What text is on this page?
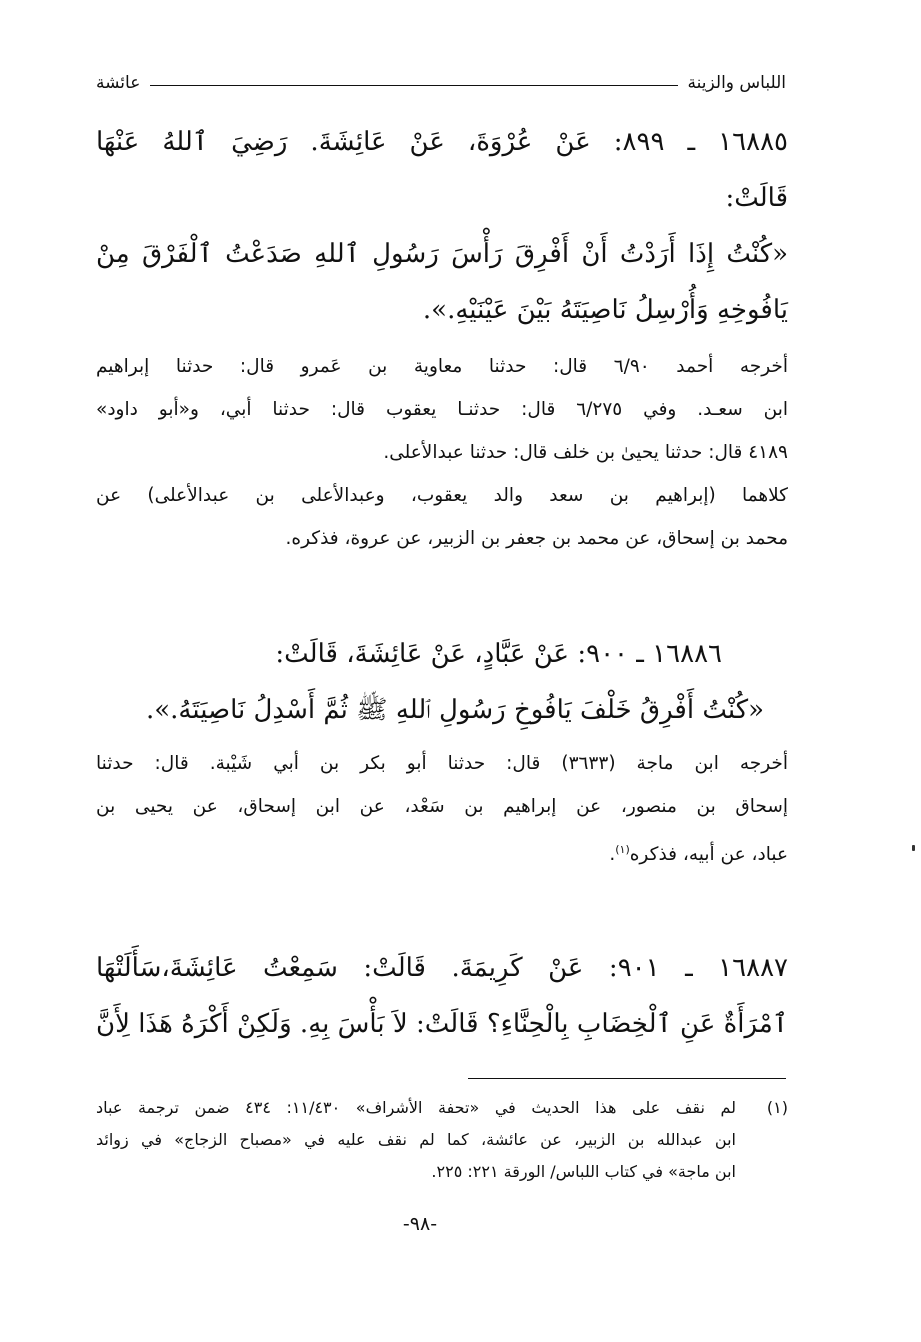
اللباس والزينة
عائشة

١٦٨٨٥ ـ ٨٩٩: عَنْ عُرْوَةَ، عَنْ عَائِشَةَ. رَضِيَ ٱللهُ عَنْهَا

قَالَتْ:

«كُنْتُ إِذَا أَرَدْتُ أَنْ أَفْرِقَ رَأْسَ رَسُولِ ٱللهِ صَدَعْتُ ٱلْفَرْقَ مِنْ

يَافُوخِهِ وَأُرْسِلُ نَاصِيَتَهُ بَيْنَ عَيْنَيْهِ.».

أخرجه أحمد ٦/٩٠ قال: حدثنا معاوية بن عَمرو قال: حدثنا إبراهيم

ابن سعـد. وفي ٦/٢٧٥ قال: حدثنـا يعقوب قال: حدثنا أبي، و«أبو داود»

٤١٨٩ قال: حدثنا يحيىٰ بن خلف قال: حدثنا عبدالأعلى.

كلاهما (إبراهيم بن سعد والد يعقوب، وعبدالأعلى بن عبدالأعلى) عن

محمد بن إسحاق، عن محمد بن جعفر بن الزبير، عن عروة، فذكره.

١٦٨٨٦ ـ ٩٠٠: عَنْ عَبَّادٍ، عَنْ عَائِشَةَ، قَالَتْ:

«كُنْتُ أَفْرِقُ خَلْفَ يَافُوخِ رَسُولِ ٱللهِ ﷺ ثُمَّ أَسْدِلُ نَاصِيَتَهُ.».

أخرجه ابن ماجة (٣٦٣٣) قال: حدثنا أبو بكر بن أبي شَيْبة. قال: حدثنا

إسحاق بن منصور، عن إبراهيم بن سَعْد، عن ابن إسحاق، عن يحيى بن

عباد، عن أبيه، فذكره$^{(١)}$.

١٦٨٨٧ ـ ٩٠١: عَنْ كَرِيمَةَ. قَالَتْ: سَمِعْتُ عَائِشَةَ،سَأَلَتْهَا

ٱمْرَأَةٌ عَنِ ٱلْخِضَابِ بِالْحِنَّاءِ؟ قَالَتْ: لاَ بَأْسَ بِهِ. وَلَكِنْ أَكْرَهُ هَذَا لِأَنَّ

(١)

لم نقف على هذا الحديث في «تحفة الأشراف» ١١/٤٣٠: ٤٣٤ ضمن ترجمة عباد

ابن عبدالله بن الزبير، عن عائشة، كما لم نقف عليه في «مصباح الزجاج» في زوائد

ابن ماجة» في كتاب اللباس/ الورقة ٢٢١: ٢٢٥.

-٩٨-
